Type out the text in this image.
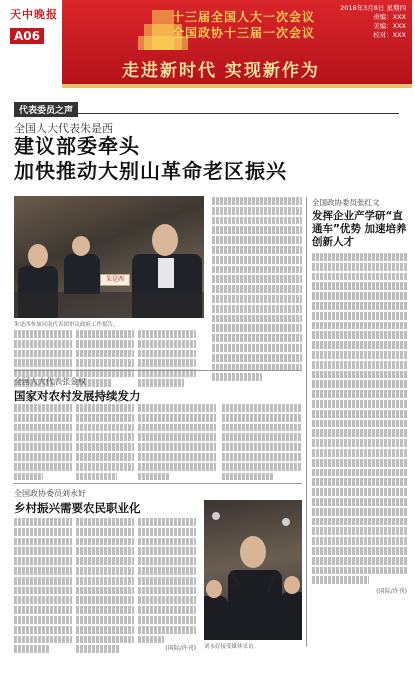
天中晚报
A06
十三届全国人大一次会议
全国政协十三届一次会议
走进新时代 实现新作为
2018年3月8日 星期四
责编：XXX
美编：XXX
校对：XXX
代表委员之声
全国人大代表朱是西
建议部委牵头
加快推动大别山革命老区振兴
朱是西
朱是西参加河南代表团审议政府工作报告。
全国政协委员张红文
发挥企业产学研“直通车”优势 加速培养创新人才
(国际/许刊)
全国人大代表张金权
国家对农村发展持续发力
全国政协委员刘永好
乡村振兴需要农民职业化
(国际/许刊) 刘永好接受媒体采访。
